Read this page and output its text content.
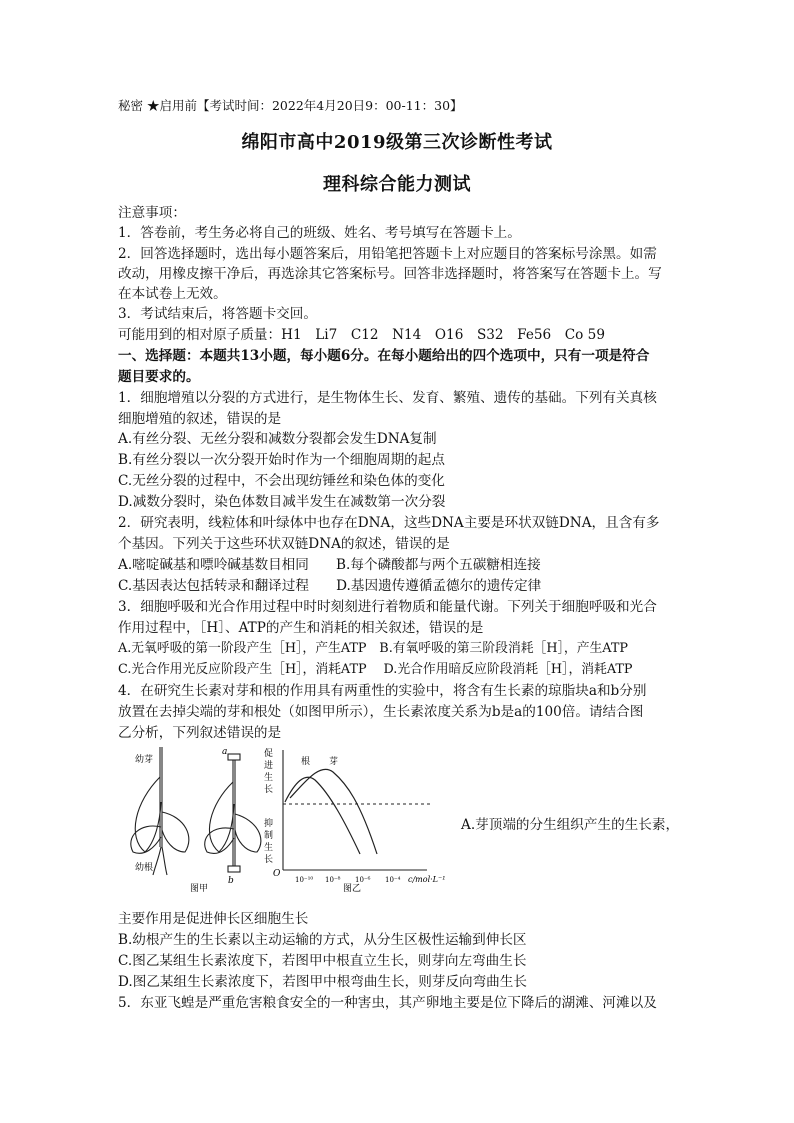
秘密 ★启用前【考试时间：2022年4月20日9：00-11：30】
绵阳市高中2019级第三次诊断性考试
理科综合能力测试
注意事项：
1．答卷前，考生务必将自己的班级、姓名、考号填写在答题卡上。
2．回答选择题时，选出每小题答案后，用铅笔把答题卡上对应题目的答案标号涂黑。如需
改动，用橡皮擦干净后，再选涂其它答案标号。回答非选择题时，将答案写在答题卡上。写
在本试卷上无效。
3．考试结束后，将答题卡交回。
可能用到的相对原子质量：H1　Li7　C12　N14　O16　S32　Fe56　Co 59
一、选择题：本题共13小题，每小题6分。在每小题给出的四个选项中，只有一项是符合
题目要求的。
1．细胞增殖以分裂的方式进行，是生物体生长、发育、繁殖、遗传的基础。下列有关真核
细胞增殖的叙述，错误的是
A.有丝分裂、无丝分裂和减数分裂都会发生DNA复制
B.有丝分裂以一次分裂开始时作为一个细胞周期的起点
C.无丝分裂的过程中，不会出现纺锤丝和染色体的变化
D.减数分裂时，染色体数目减半发生在减数第一次分裂
2．研究表明，线粒体和叶绿体中也存在DNA，这些DNA主要是环状双链DNA，且含有多
个基因。下列关于这些环状双链DNA的叙述，错误的是
A.嘧啶碱基和嘌呤碱基数目相同　　B.每个磷酸都与两个五碳糖相连接
C.基因表达包括转录和翻译过程　　D.基因遗传遵循孟德尔的遗传定律
3．细胞呼吸和光合作用过程中时时刻刻进行着物质和能量代谢。下列关于细胞呼吸和光合
作用过程中，［H］、ATP的产生和消耗的相关叙述，错误的是
A.无氧呼吸的第一阶段产生［H］，产生ATP　B.有氧呼吸的第三阶段消耗［H］，产生ATP
C.光合作用光反应阶段产生［H］，消耗ATP　 D.光合作用暗反应阶段消耗［H］，消耗ATP
4．在研究生长素对芽和根的作用具有两重性的实验中，将含有生长素的琼脂块a和b分别
放置在去掉尖端的芽和根处（如图甲所示），生长素浓度关系为b是a的100倍。请结合图
乙分析，下列叙述错误的是
幼芽
幼根
a
b
图甲
促
进
生
长
抑
制
生
长
O
根 芽
10⁻¹⁰ 10⁻⁸ 10⁻⁶ 10⁻⁴ c/mol·L⁻¹
图乙
A.芽顶端的分生组织产生的生长素，
主要作用是促进伸长区细胞生长
B.幼根产生的生长素以主动运输的方式，从分生区极性运输到伸长区
C.图乙某组生长素浓度下，若图甲中根直立生长，则芽向左弯曲生长
D.图乙某组生长素浓度下，若图甲中根弯曲生长，则芽反向弯曲生长
5．东亚飞蝗是严重危害粮食安全的一种害虫，其产卵地主要是位下降后的湖滩、河滩以及
